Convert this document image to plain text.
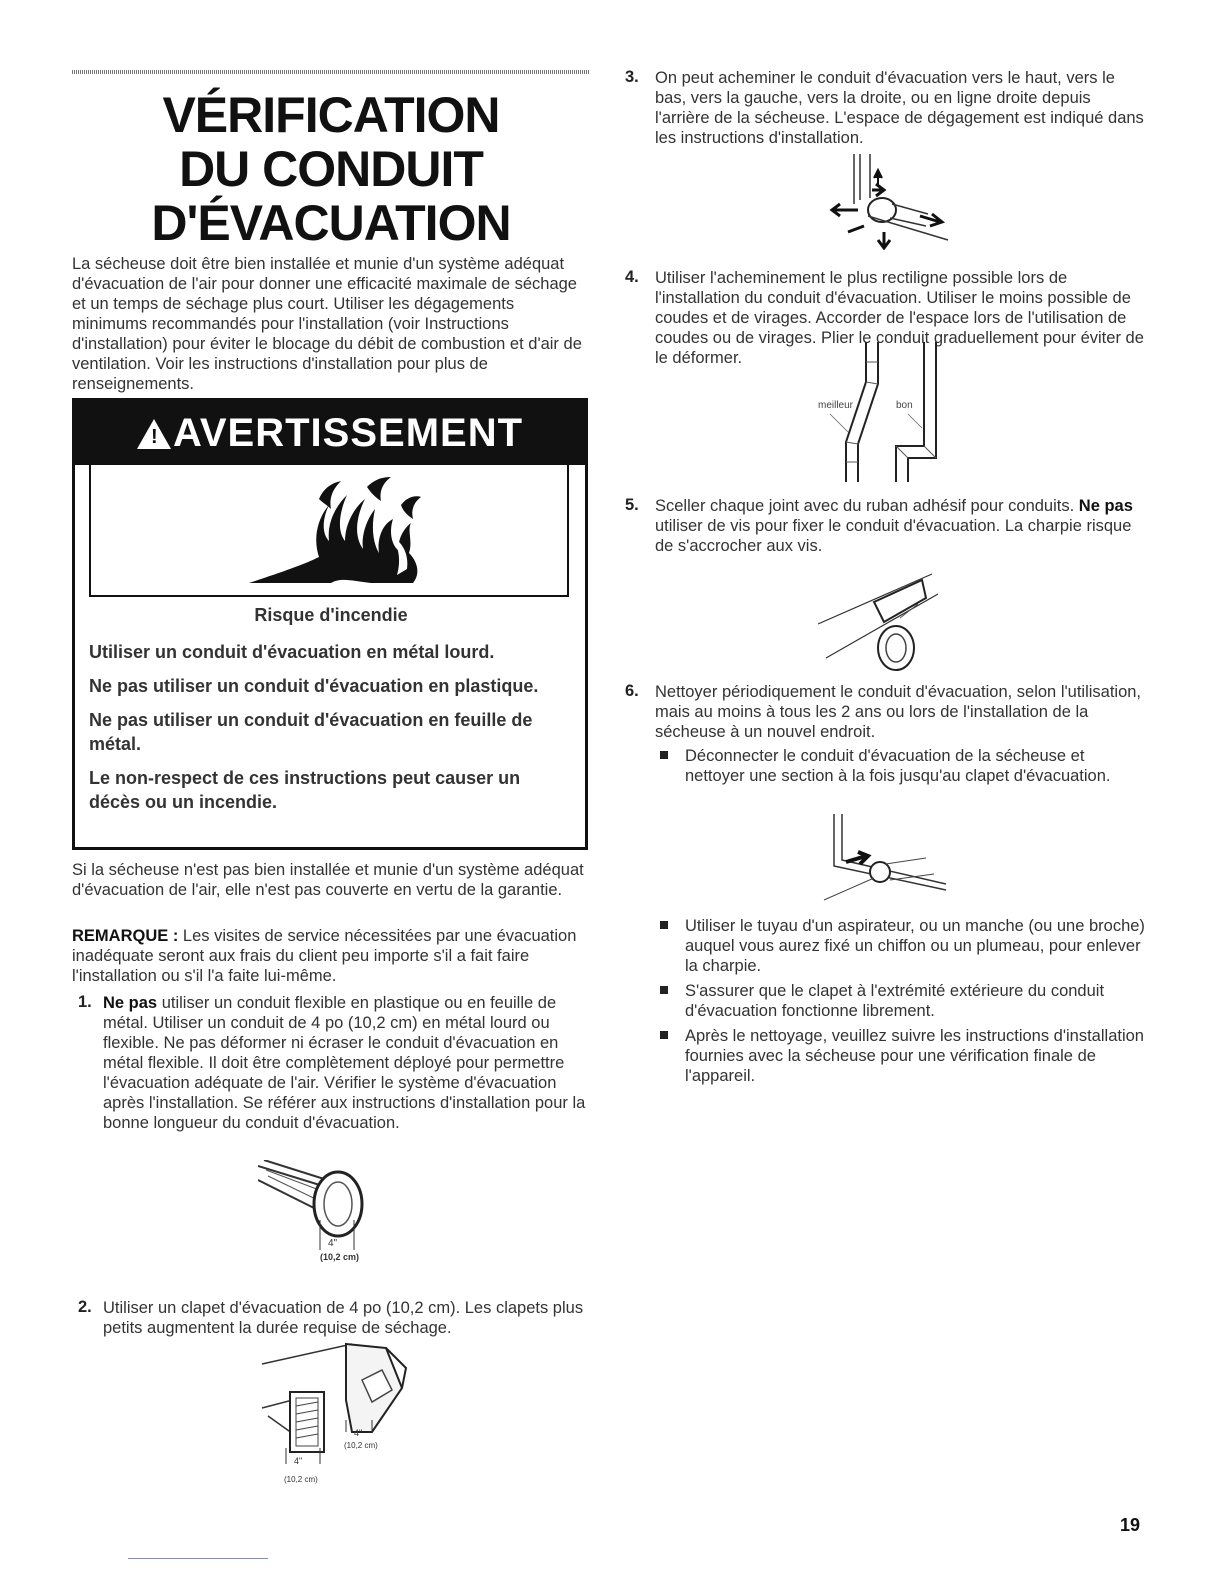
VÉRIFICATION
DU CONDUIT
D'ÉVACUATION
La sécheuse doit être bien installée et munie d'un système adéquat d'évacuation de l'air pour donner une efficacité maximale de séchage et un temps de séchage plus court. Utiliser les dégagements minimums recommandés pour l'installation (voir Instructions d'installation) pour éviter le blocage du débit de combustion et d'air de ventilation. Voir les instructions d'installation pour plus de renseignements.
! AVERTISSEMENT
Risque d'incendie
Utiliser un conduit d'évacuation en métal lourd.
Ne pas utiliser un conduit d'évacuation en plastique.
Ne pas utiliser un conduit d'évacuation en feuille de métal.
Le non-respect de ces instructions peut causer un décès ou un incendie.
Si la sécheuse n'est pas bien installée et munie d'un système adéquat d'évacuation de l'air, elle n'est pas couverte en vertu de la garantie.
REMARQUE : Les visites de service nécessitées par une évacuation inadéquate seront aux frais du client peu importe s'il a fait faire l'installation ou s'il l'a faite lui-même.
1. Ne pas utiliser un conduit flexible en plastique ou en feuille de métal. Utiliser un conduit de 4 po (10,2 cm) en métal lourd ou flexible. Ne pas déformer ni écraser le conduit d'évacuation en métal flexible. Il doit être complètement déployé pour permettre l'évacuation adéquate de l'air. Vérifier le système d'évacuation après l'installation. Se référer aux instructions d'installation pour la bonne longueur du conduit d'évacuation.
4"
(10,2 cm)
2. Utiliser un clapet d'évacuation de 4 po (10,2 cm). Les clapets plus petits augmentent la durée requise de séchage.
4"
(10,2 cm)
4"
(10,2 cm)
3. On peut acheminer le conduit d'évacuation vers le haut, vers le bas, vers la gauche, vers la droite, ou en ligne droite depuis l'arrière de la sécheuse. L'espace de dégagement est indiqué dans les instructions d'installation.
4. Utiliser l'acheminement le plus rectiligne possible lors de l'installation du conduit d'évacuation. Utiliser le moins possible de coudes et de virages. Accorder de l'espace lors de l'utilisation de coudes ou de virages. Plier le conduit graduellement pour éviter de le déformer.
meilleur	bon
5. Sceller chaque joint avec du ruban adhésif pour conduits. Ne pas utiliser de vis pour fixer le conduit d'évacuation. La charpie risque de s'accrocher aux vis.
6. Nettoyer périodiquement le conduit d'évacuation, selon l'utilisation, mais au moins à tous les 2 ans ou lors de l'installation de la sécheuse à un nouvel endroit.
Déconnecter le conduit d'évacuation de la sécheuse et nettoyer une section à la fois jusqu'au clapet d'évacuation.
Utiliser le tuyau d'un aspirateur, ou un manche (ou une broche) auquel vous aurez fixé un chiffon ou un plumeau, pour enlever la charpie.
S'assurer que le clapet à l'extrémité extérieure du conduit d'évacuation fonctionne librement.
Après le nettoyage, veuillez suivre les instructions d'installation fournies avec la sécheuse pour une vérification finale de l'appareil.
19
